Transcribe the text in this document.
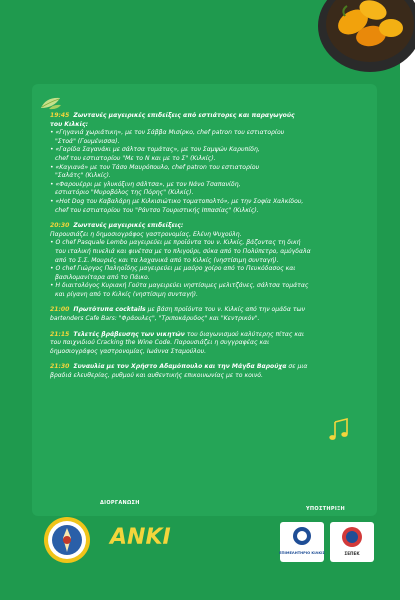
19:45 Ζωντανές μαγειρικές επιδείξεις από εστιάτορες και παραγωγούς
του Κιλκίς:
• «Γηγανιά χωριάτικη», με τον Σάββα Μισίρκο, chef patron του εστιατορίου
"Στοά" (Γουμένισσα).
• «Γαρίδα Σαγανάκι με σάλτσα τομάτας», με τον Σαμψών Καρυπίδη,
chef του εστιατορίου "Με το Ν και με το Σ" (Κιλκίς).
• «Καγιανά» με τον Τάσο Μαυρόπουλο, chef patron του εστιατορίου
"Σαλάτς" (Κιλκίς).
• «Φαρουέρρι με γλυκόξινη σάλτσα», με τον Νάνο Τσαπανίδη,
εστιατόριο "Μυροβόλος της Πόρης" (Κιλκίς).
• «Hot Dog του Καβαλάρη με Κιλκισιώτικο τοματοπολτό», με την Σοφία Χαλκίδου,
chef του εστιατορίου του "Ράντσο Τουριστικής Ιππασίας" (Κιλκίς).
20:30 Ζωντανές μαγειρικές επιδείξεις:
Παρουσιάζει η δημοσιογράφος γαστρονομίας, Ελένη Ψυχούλη.
• Ο chef Pasquale Lembo μαγειρεύει με προϊόντα του ν. Κιλκίς, βάζοντας τη δική
του ιταλική πινελιά και φινέτσα με το πλιγούρι, σύκα από το Πολύπετρο, αμύγδαλα
από το Σ.Σ. Μουριές και τα λαχανικά από το Κιλκίς (νηστίσιμη συνταγή).
• Ο chef Γιώργος Παληοΐδης μαγειρεύει με μαύρο χοίρο από το Πευκόδασος και
βασιλομανίταρα από το Πάικο.
• Η διαιτολόγος Κυριακή Γούτα μαγειρεύει νηστίσιμες μελιτζάνες, σάλτσα τομάτας
και ρίγανη από το Κιλκίς (νηστίσιμη συνταγή).
21:00 Πρωτότυπα cocktails με βάση προϊόντα του ν. Κιλκίς από την ομάδα των
bartenders Cafe Bars: "Φράουλες", "Τριποκάρυδος" και "Κεντρικόν".
21:15 Τελετές βράβευσης των νικητών του διαγωνισμού καλύτερης πίτας και
του παιχνιδιού Cracking the Wine Code. Παρουσιάζει η συγγραφέας και
δημοσιογράφος γαστρονομίας, Ιωάννα Σταμούλου.
21:30 Συναυλία με τον Χρήστο Αδαμόπουλο και την Μάγδα Βαρούχα σε μια
βραδιά ελευθερίας, ρυθμού και αυθεντικής επικοινωνίας με το κοινό.
ΔΙΟΡΓΑΝΩΣΗ
ΥΠΟΣΤΗΡΙΞΗ
ΑΝΚΙ
ΕΠΙΜΕΛΗΤΗΡΙΟ ΚΙΛΚΙΣ	ΣΕΠΕΚ
